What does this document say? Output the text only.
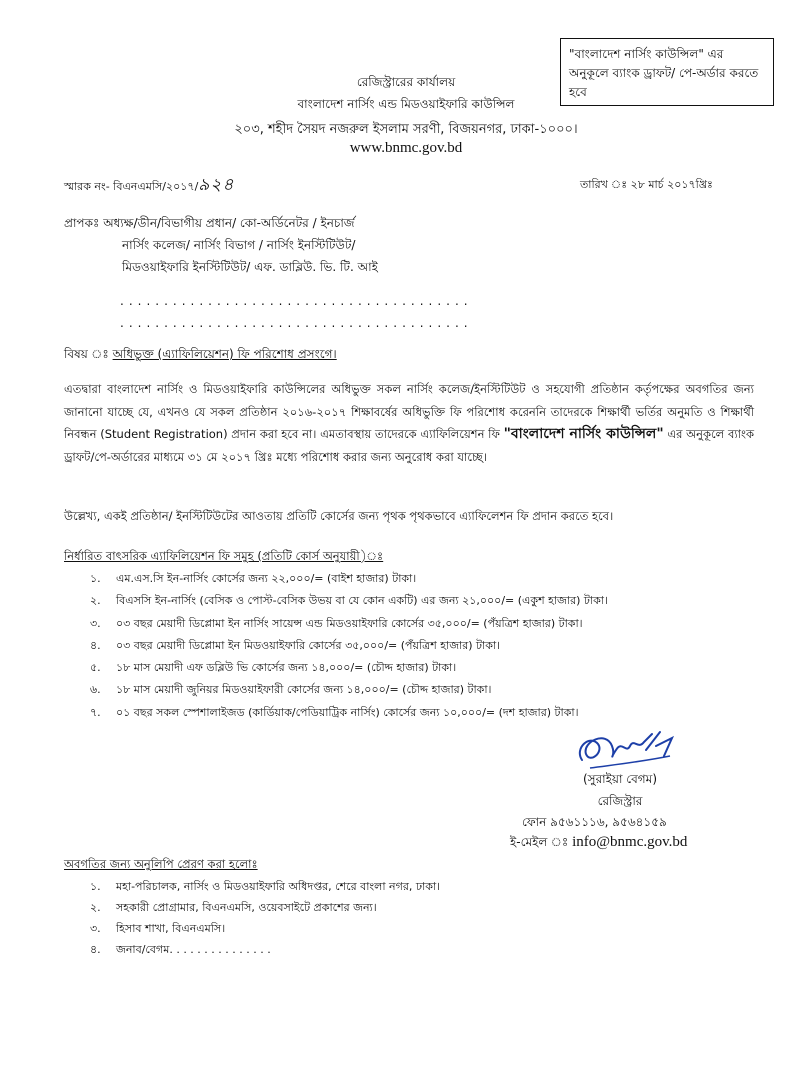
"বাংলাদেশ নার্সিং কাউন্সিল" এর অনুকূলে ব্যাংক ড্রাফট/ পে-অর্ডার করতে হবে
রেজিস্ট্রারের কার্যালয়
বাংলাদেশ নার্সিং এন্ড মিডওয়াইফারি কাউন্সিল
২০৩, শহীদ সৈয়দ নজরুল ইসলাম সরণী, বিজয়নগর, ঢাকা-১০০০।
www.bnmc.gov.bd
স্মারক নং- বিএনএমসি/২০১৭/৯২৪	তারিখ ঃ ২৮ মার্চ ২০১৭খ্রিঃ
প্রাপকঃ অধ্যক্ষ/ডীন/বিভাগীয় প্রধান/ কো-অর্ডিনেটর / ইনচার্জ
নার্সিং কলেজ/ নার্সিং বিভাগ / নার্সিং ইনস্টিটিউট/
মিডওয়াইফারি ইনস্টিটিউট/ এফ. ডাব্লিউ. ভি. টি. আই
........................................
........................................
বিষয় ঃ অধিভুক্ত (এ্যাফিলিয়েশন) ফি পরিশোধ প্রসংগে।
এতদ্বারা বাংলাদেশ নার্সিং ও মিডওয়াইফারি কাউন্সিলের অধিভুক্ত সকল নার্সিং কলেজ/ইনস্টিটিউট ও সহযোগী প্রতিষ্ঠান কর্তৃপক্ষের অবগতির জন্য জানানো যাচ্ছে যে, এখনও যে সকল প্রতিষ্ঠান ২০১৬-২০১৭ শিক্ষাবর্ষের অধিভুক্তি ফি পরিশোধ করেননি তাদেরকে শিক্ষার্থী ভর্তির অনুমতি ও শিক্ষার্থী নিবন্ধন (Student Registration) প্রদান করা হবে না। এমতাবস্থায় তাদেরকে এ্যাফিলিয়েশন ফি "বাংলাদেশ নার্সিং কাউন্সিল" এর অনুকূলে ব্যাংক ড্রাফট/পে-অর্ডারের মাধ্যমে ৩১ মে ২০১৭ খ্রিঃ মধ্যে পরিশোধ করার জন্য অনুরোধ করা যাচ্ছে।
উল্লেখ্য, একই প্রতিষ্ঠান/ ইনস্টিটিউটের আওতায় প্রতিটি কোর্সের জন্য পৃথক পৃথকভাবে এ্যাফিলেশন ফি প্রদান করতে হবে।
নির্ধারিত বাৎসরিক এ্যাফিলিয়েশন ফি সমুহ (প্রতিটি কোর্স অনুযায়ী)ঃ
১. এম.এস.সি ইন-নার্সিং কোর্সের জন্য ২২,০০০/= (বাইশ হাজার) টাকা।
২. বিএসসি ইন-নার্সিং (বেসিক ও পোস্ট-বেসিক উভয় বা যে কোন একটি) এর জন্য ২১,০০০/= (একুশ হাজার) টাকা।
৩. ০৩ বছর মেয়াদী ডিপ্লোমা ইন নার্সিং সায়েন্স এন্ড মিডওয়াইফারি কোর্সের ৩৫,০০০/= (পঁয়ত্রিশ হাজার) টাকা।
৪. ০৩ বছর মেয়াদী ডিপ্লোমা ইন মিডওয়াইফারি কোর্সের ৩৫,০০০/= (পঁয়ত্রিশ হাজার) টাকা।
৫. ১৮ মাস মেয়াদী এফ ডব্লিউ ভি কোর্সের জন্য ১৪,০০০/= (চৌদ্দ হাজার) টাকা।
৬. ১৮ মাস মেয়াদী জুনিয়র মিডওয়াইফারী কোর্সের জন্য ১৪,০০০/= (চৌদ্দ হাজার) টাকা।
৭. ০১ বছর সকল স্পেশালাইজড (কার্ডিয়াক/পেডিয়াট্রিক নার্সিং) কোর্সের জন্য ১০,০০০/= (দশ হাজার) টাকা।
(সুরাইয়া বেগম)
রেজিস্ট্রার
ফোন ৯৫৬১১১৬, ৯৫৬৪১৫৯
ই-মেইল ঃ info@bnmc.gov.bd
অবগতির জন্য অনুলিপি প্রেরণ করা হলোঃ
১. মহা-পরিচালক, নার্সিং ও মিডওয়াইফারি অধিদপ্তর, শেরে বাংলা নগর, ঢাকা।
২. সহকারী প্রোগ্রামার, বিএনএমসি, ওয়েবসাইটে প্রকাশের জন্য।
৩. হিসাব শাখা, বিএনএমসি।
৪. জনাব/বেগম. . . . . . . . . . . . . . .
